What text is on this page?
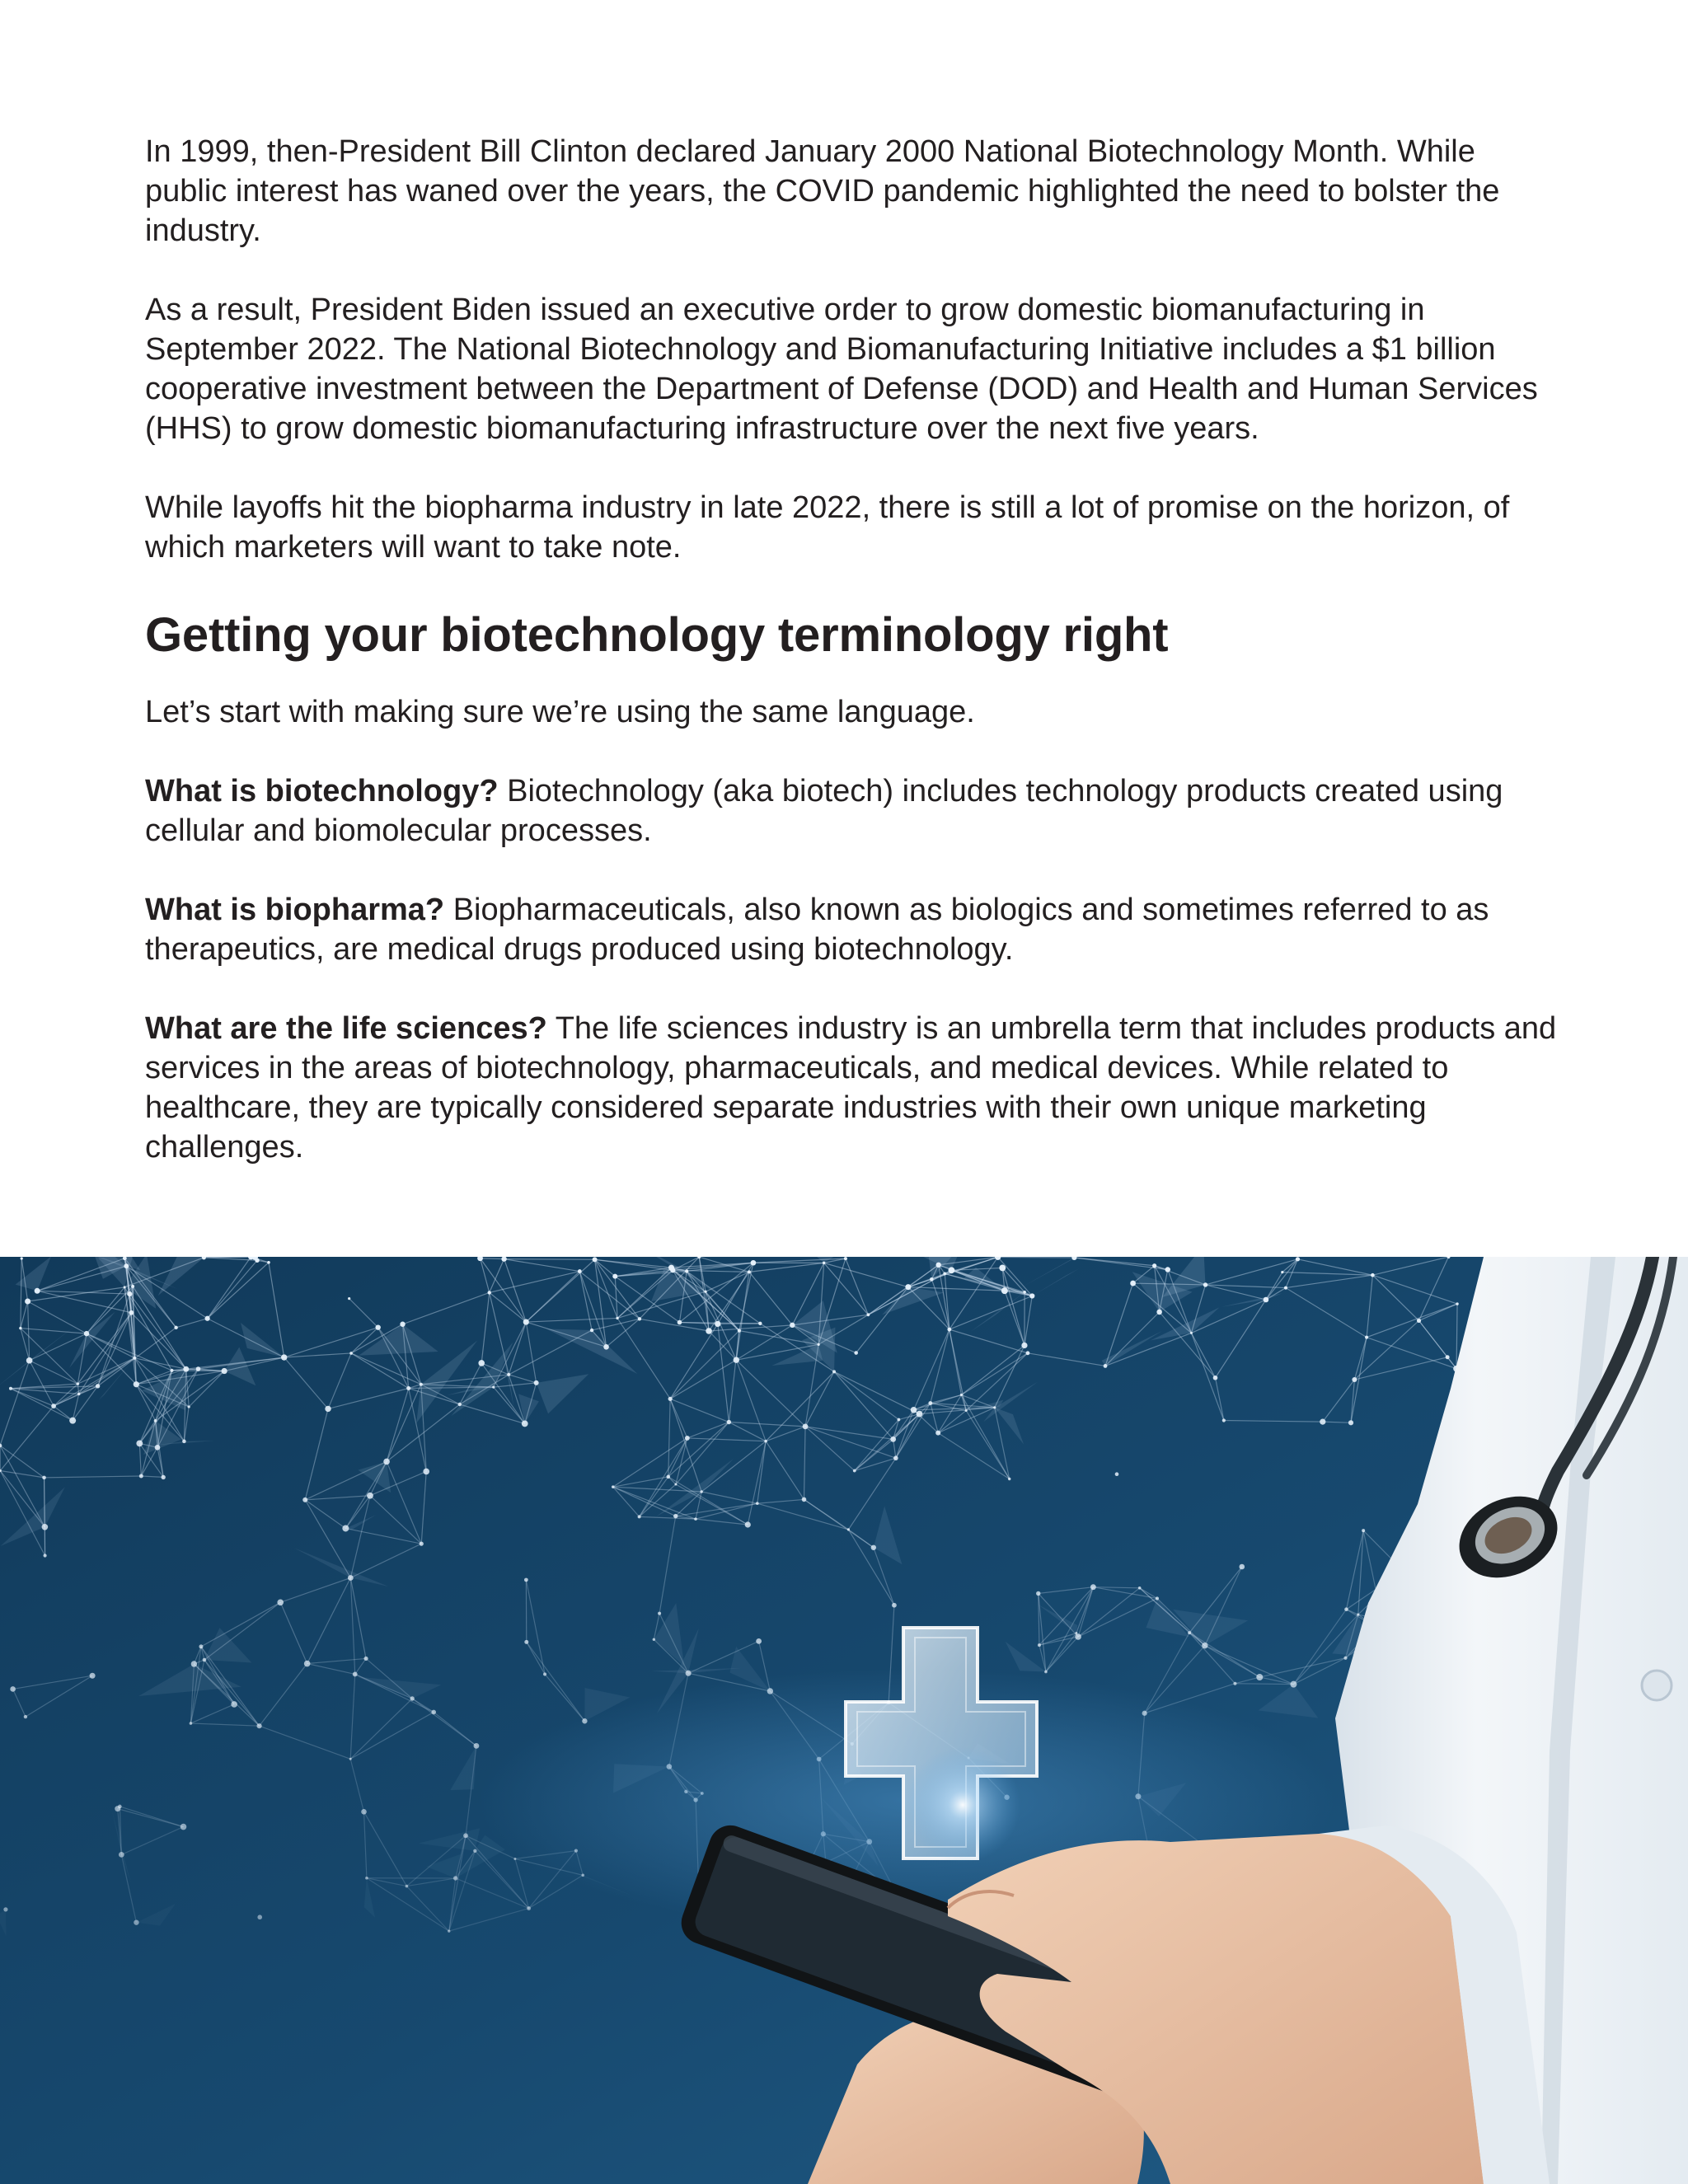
In 1999, then-President Bill Clinton declared January 2000 National Biotechnology Month. While public interest has waned over the years, the COVID pandemic highlighted the need to bolster the industry.

As a result, President Biden issued an executive order to grow domestic biomanufacturing in September 2022. The National Biotechnology and Biomanufacturing Initiative includes a $1 billion cooperative investment between the Department of Defense (DOD) and Health and Human Services (HHS) to grow domestic biomanufacturing infrastructure over the next five years.

While layoffs hit the biopharma industry in late 2022, there is still a lot of promise on the horizon, of which marketers will want to take note.

Getting your biotechnology terminology right

Let’s start with making sure we’re using the same language.

What is biotechnology? Biotechnology (aka biotech) includes technology products created using cellular and biomolecular processes.

What is biopharma? Biopharmaceuticals, also known as biologics and sometimes referred to as therapeutics, are medical drugs produced using biotechnology.

What are the life sciences? The life sciences industry is an umbrella term that includes products and services in the areas of biotechnology, pharmaceuticals, and medical devices. While related to healthcare, they are typically considered separate industries with their own unique marketing challenges.
